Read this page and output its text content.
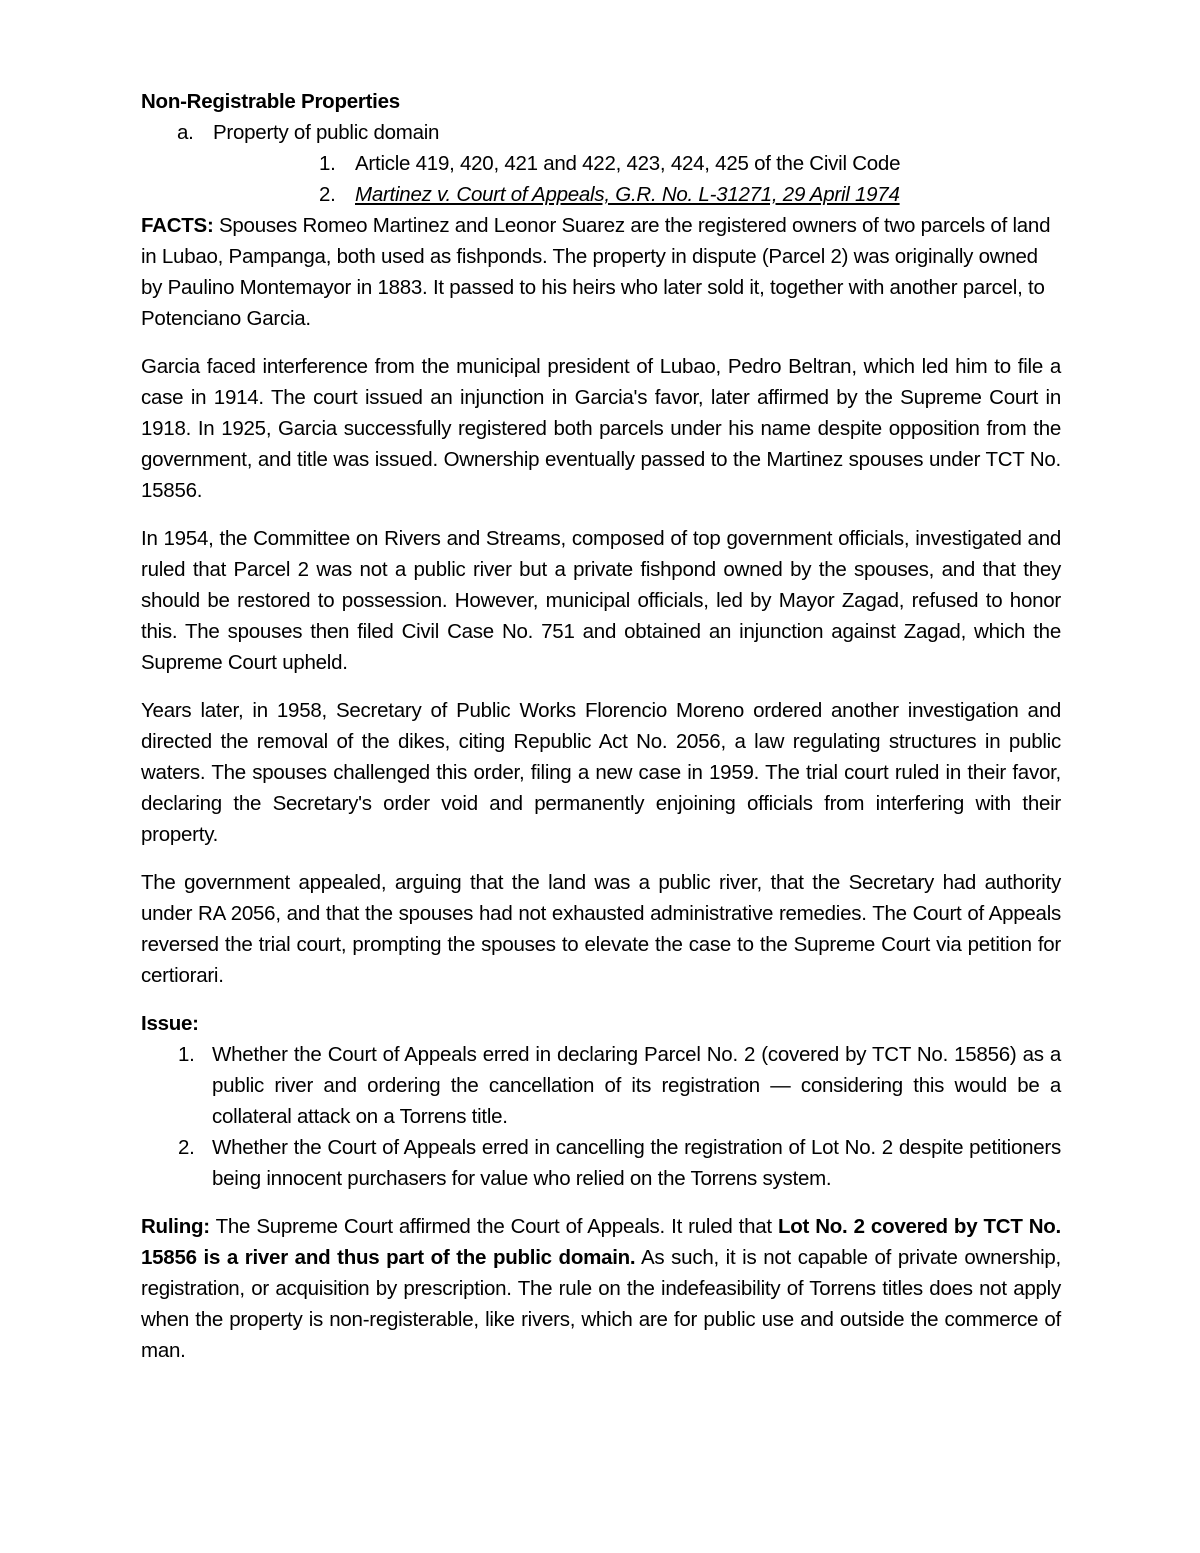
Non-Registrable Properties
a. Property of public domain
1. Article 419, 420, 421 and 422, 423, 424, 425 of the Civil Code
2. Martinez v. Court of Appeals, G.R. No. L-31271, 29 April 1974

FACTS: Spouses Romeo Martinez and Leonor Suarez are the registered owners of two parcels of land in Lubao, Pampanga, both used as fishponds. The property in dispute (Parcel 2) was originally owned by Paulino Montemayor in 1883. It passed to his heirs who later sold it, together with another parcel, to Potenciano Garcia.

Garcia faced interference from the municipal president of Lubao, Pedro Beltran, which led him to file a case in 1914. The court issued an injunction in Garcia's favor, later affirmed by the Supreme Court in 1918. In 1925, Garcia successfully registered both parcels under his name despite opposition from the government, and title was issued. Ownership eventually passed to the Martinez spouses under TCT No. 15856.

In 1954, the Committee on Rivers and Streams, composed of top government officials, investigated and ruled that Parcel 2 was not a public river but a private fishpond owned by the spouses, and that they should be restored to possession. However, municipal officials, led by Mayor Zagad, refused to honor this. The spouses then filed Civil Case No. 751 and obtained an injunction against Zagad, which the Supreme Court upheld.

Years later, in 1958, Secretary of Public Works Florencio Moreno ordered another investigation and directed the removal of the dikes, citing Republic Act No. 2056, a law regulating structures in public waters. The spouses challenged this order, filing a new case in 1959. The trial court ruled in their favor, declaring the Secretary's order void and permanently enjoining officials from interfering with their property.

The government appealed, arguing that the land was a public river, that the Secretary had authority under RA 2056, and that the spouses had not exhausted administrative remedies. The Court of Appeals reversed the trial court, prompting the spouses to elevate the case to the Supreme Court via petition for certiorari.

Issue:

1. Whether the Court of Appeals erred in declaring Parcel No. 2 (covered by TCT No. 15856) as a public river and ordering the cancellation of its registration — considering this would be a collateral attack on a Torrens title.
2. Whether the Court of Appeals erred in cancelling the registration of Lot No. 2 despite petitioners being innocent purchasers for value who relied on the Torrens system.

Ruling: The Supreme Court affirmed the Court of Appeals. It ruled that Lot No. 2 covered by TCT No. 15856 is a river and thus part of the public domain. As such, it is not capable of private ownership, registration, or acquisition by prescription. The rule on the indefeasibility of Torrens titles does not apply when the property is non-registerable, like rivers, which are for public use and outside the commerce of man.
